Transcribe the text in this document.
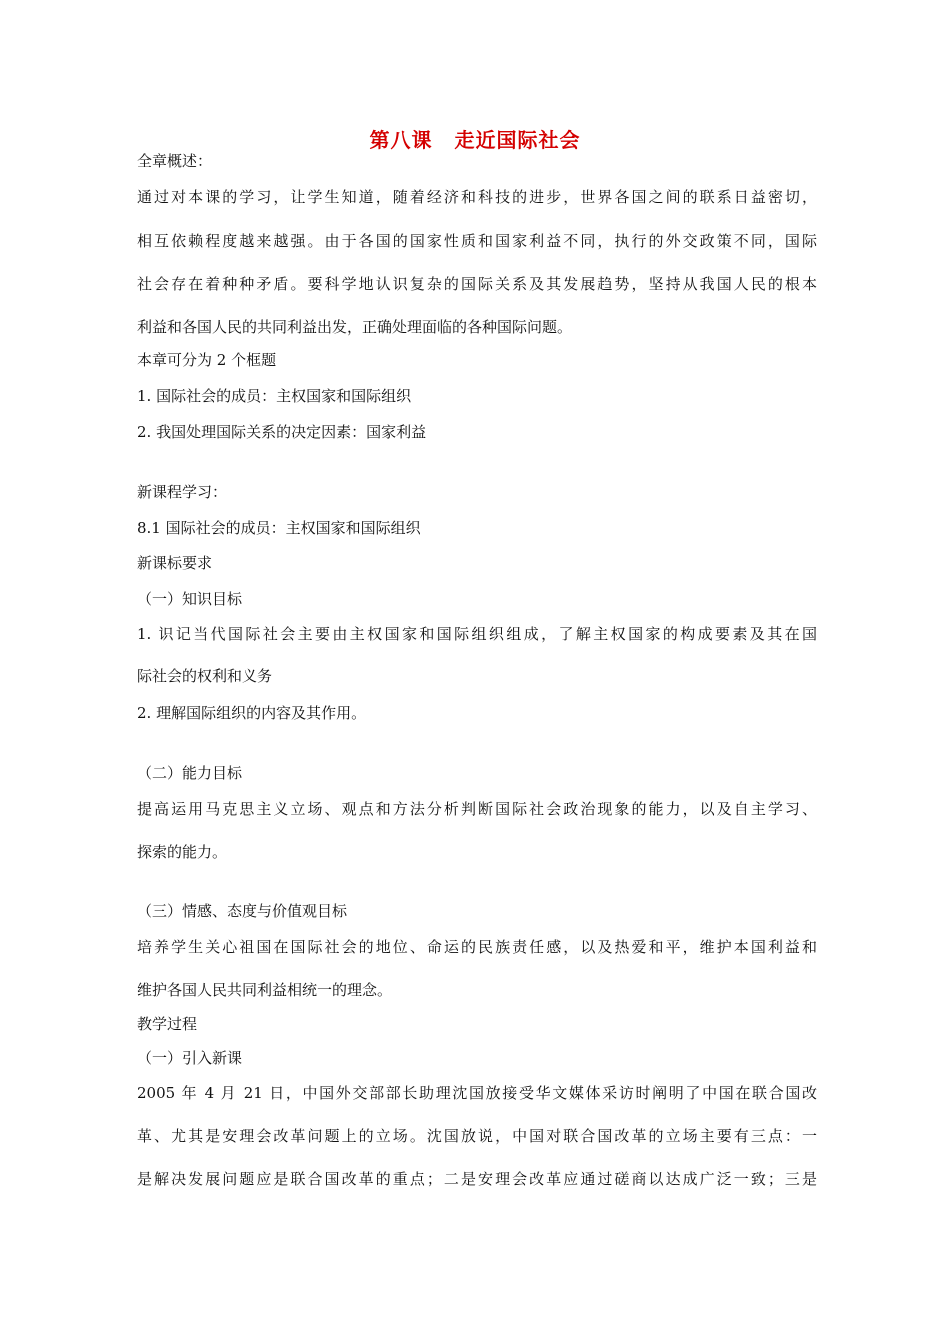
第八课 走近国际社会
全章概述：
通过对本课的学习，让学生知道，随着经济和科技的进步，世界各国之间的联系日益密切，
相互依赖程度越来越强。由于各国的国家性质和国家利益不同，执行的外交政策不同，国际
社会存在着种种矛盾。要科学地认识复杂的国际关系及其发展趋势，坚持从我国人民的根本
利益和各国人民的共同利益出发，正确处理面临的各种国际问题。
本章可分为 2 个框题
1. 国际社会的成员：主权国家和国际组织
2. 我国处理国际关系的决定因素：国家利益
新课程学习：
8.1 国际社会的成员：主权国家和国际组织
新课标要求
（一）知识目标
1. 识记当代国际社会主要由主权国家和国际组织组成，了解主权国家的构成要素及其在国
际社会的权利和义务
2. 理解国际组织的内容及其作用。
（二）能力目标
提高运用马克思主义立场、观点和方法分析判断国际社会政治现象的能力，以及自主学习、
探索的能力。
（三）情感、态度与价值观目标
培养学生关心祖国在国际社会的地位、命运的民族责任感，以及热爱和平，维护本国利益和
维护各国人民共同利益相统一的理念。
教学过程
（一）引入新课
2005 年 4 月 21 日，中国外交部部长助理沈国放接受华文媒体采访时阐明了中国在联合国改
革、尤其是安理会改革问题上的立场。沈国放说，中国对联合国改革的立场主要有三点：一
是解决发展问题应是联合国改革的重点；二是安理会改革应通过磋商以达成广泛一致；三是
